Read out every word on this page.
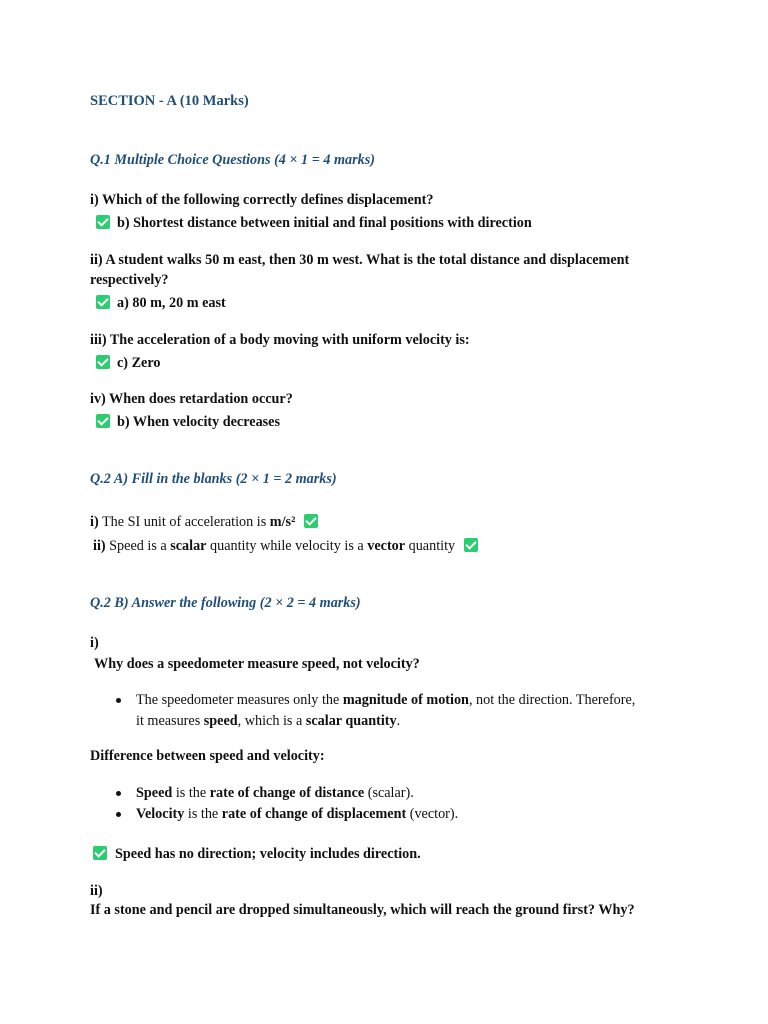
SECTION - A (10 Marks)
Q.1 Multiple Choice Questions (4 × 1 = 4 marks)
i) Which of the following correctly defines displacement?
b) Shortest distance between initial and final positions with direction
ii) A student walks 50 m east, then 30 m west. What is the total distance and displacement
respectively?
a) 80 m, 20 m east
iii) The acceleration of a body moving with uniform velocity is:
c) Zero
iv) When does retardation occur?
b) When velocity decreases
Q.2 A) Fill in the blanks (2 × 1 = 2 marks)
i) The SI unit of acceleration is m/s²
ii) Speed is a scalar quantity while velocity is a vector quantity
Q.2 B) Answer the following (2 × 2 = 4 marks)
i)
Why does a speedometer measure speed, not velocity?
The speedometer measures only the magnitude of motion, not the direction. Therefore,
it measures speed, which is a scalar quantity.
Difference between speed and velocity:
Speed is the rate of change of distance (scalar).
Velocity is the rate of change of displacement (vector).
Speed has no direction; velocity includes direction.
ii)
If a stone and pencil are dropped simultaneously, which will reach the ground first? Why?
